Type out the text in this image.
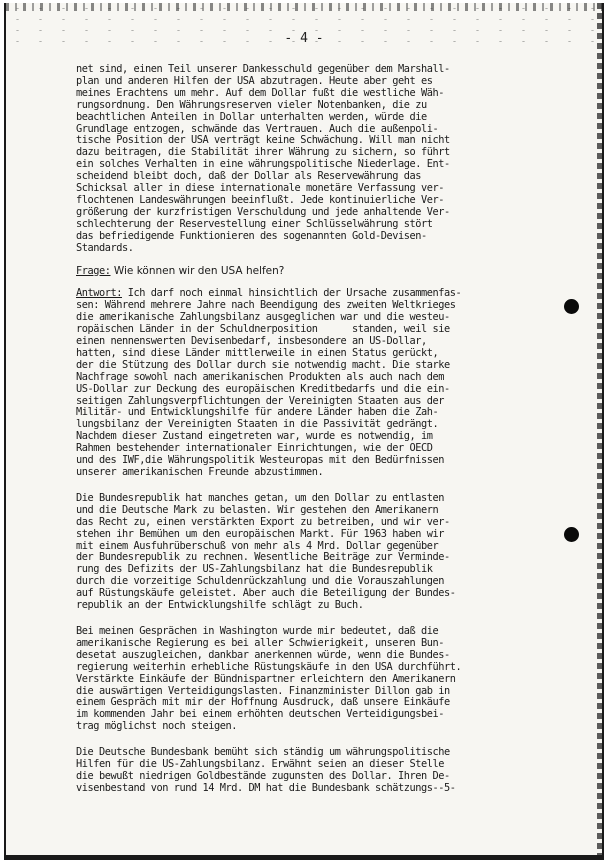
- 4 -

net sind, einen Teil unserer Dankesschuld gegenüber dem Marshall-

plan und anderen Hilfen der USA abzutragen. Heute aber geht es

meines Erachtens um mehr. Auf dem Dollar fußt die westliche Wäh-

rungsordnung. Den Währungsreserven vieler Notenbanken, die zu

beachtlichen Anteilen in Dollar unterhalten werden, würde die

Grundlage entzogen, schwände das Vertrauen. Auch die außenpoli-

tische Position der USA verträgt keine Schwächung. Will man nicht

dazu beitragen, die Stabilität ihrer Währung zu sichern, so führt

ein solches Verhalten in eine währungspolitische Niederlage. Ent-

scheidend bleibt doch, daß der Dollar als Reservewährung das

Schicksal aller in diese internationale monetäre Verfassung ver-

flochtenen Landeswährungen beeinflußt. Jede kontinuierliche Ver-

größerung der kurzfristigen Verschuldung und jede anhaltende Ver-

schlechterung der Reservestellung einer Schlüsselwährung stört

das befriedigende Funktionieren des sogenannten Gold-Devisen-

Standards.

Frage: Wie können wir den USA helfen?

Antwort: Ich darf noch einmal hinsichtlich der Ursache zusammenfas-

sen: Während mehrere Jahre nach Beendigung des zweiten Weltkrieges

die amerikanische Zahlungsbilanz ausgeglichen war und die westeu-

ropäischen Länder in der Schuldnerposition      standen, weil sie

einen nennenswerten Devisenbedarf, insbesondere an US-Dollar,

hatten, sind diese Länder mittlerweile in einen Status gerückt,

der die Stützung des Dollar durch sie notwendig macht. Die starke

Nachfrage sowohl nach amerikanischen Produkten als auch nach dem

US-Dollar zur Deckung des europäischen Kreditbedarfs und die ein-

seitigen Zahlungsverpflichtungen der Vereinigten Staaten aus der

Militär- und Entwicklungshilfe für andere Länder haben die Zah-

lungsbilanz der Vereinigten Staaten in die Passivität gedrängt.

Nachdem dieser Zustand eingetreten war, wurde es notwendig, im

Rahmen bestehender internationaler Einrichtungen, wie der OECD

und des IWF,die Währungspolitik Westeuropas mit den Bedürfnissen

unserer amerikanischen Freunde abzustimmen.

Die Bundesrepublik hat manches getan, um den Dollar zu entlasten

und die Deutsche Mark zu belasten. Wir gestehen den Amerikanern

das Recht zu, einen verstärkten Export zu betreiben, und wir ver-

stehen ihr Bemühen um den europäischen Markt. Für 1963 haben wir

mit einem Ausfuhrüberschuß von mehr als 4 Mrd. Dollar gegenüber

der Bundesrepublik zu rechnen. Wesentliche Beiträge zur Verminde-

rung des Defizits der US-Zahlungsbilanz hat die Bundesrepublik

durch die vorzeitige Schuldenrückzahlung und die Vorauszahlungen

auf Rüstungskäufe geleistet. Aber auch die Beteiligung der Bundes-

republik an der Entwicklungshilfe schlägt zu Buch.

Bei meinen Gesprächen in Washington wurde mir bedeutet, daß die

amerikanische Regierung es bei aller Schwierigkeit, unseren Bun-

desetat auszugleichen, dankbar anerkennen würde, wenn die Bundes-

regierung weiterhin erhebliche Rüstungskäufe in den USA durchführt.

Verstärkte Einkäufe der Bündnispartner erleichtern den Amerikanern

die auswärtigen Verteidigungslasten. Finanzminister Dillon gab in

einem Gespräch mit mir der Hoffnung Ausdruck, daß unsere Einkäufe

im kommenden Jahr bei einem erhöhten deutschen Verteidigungsbei-

trag möglichst noch steigen.

Die Deutsche Bundesbank bemüht sich ständig um währungspolitische

Hilfen für die US-Zahlungsbilanz. Erwähnt seien an dieser Stelle

die bewußt niedrigen Goldbestände zugunsten des Dollar. Ihren De-

visenbestand von rund 14 Mrd. DM hat die Bundesbank schätzungs--5-
